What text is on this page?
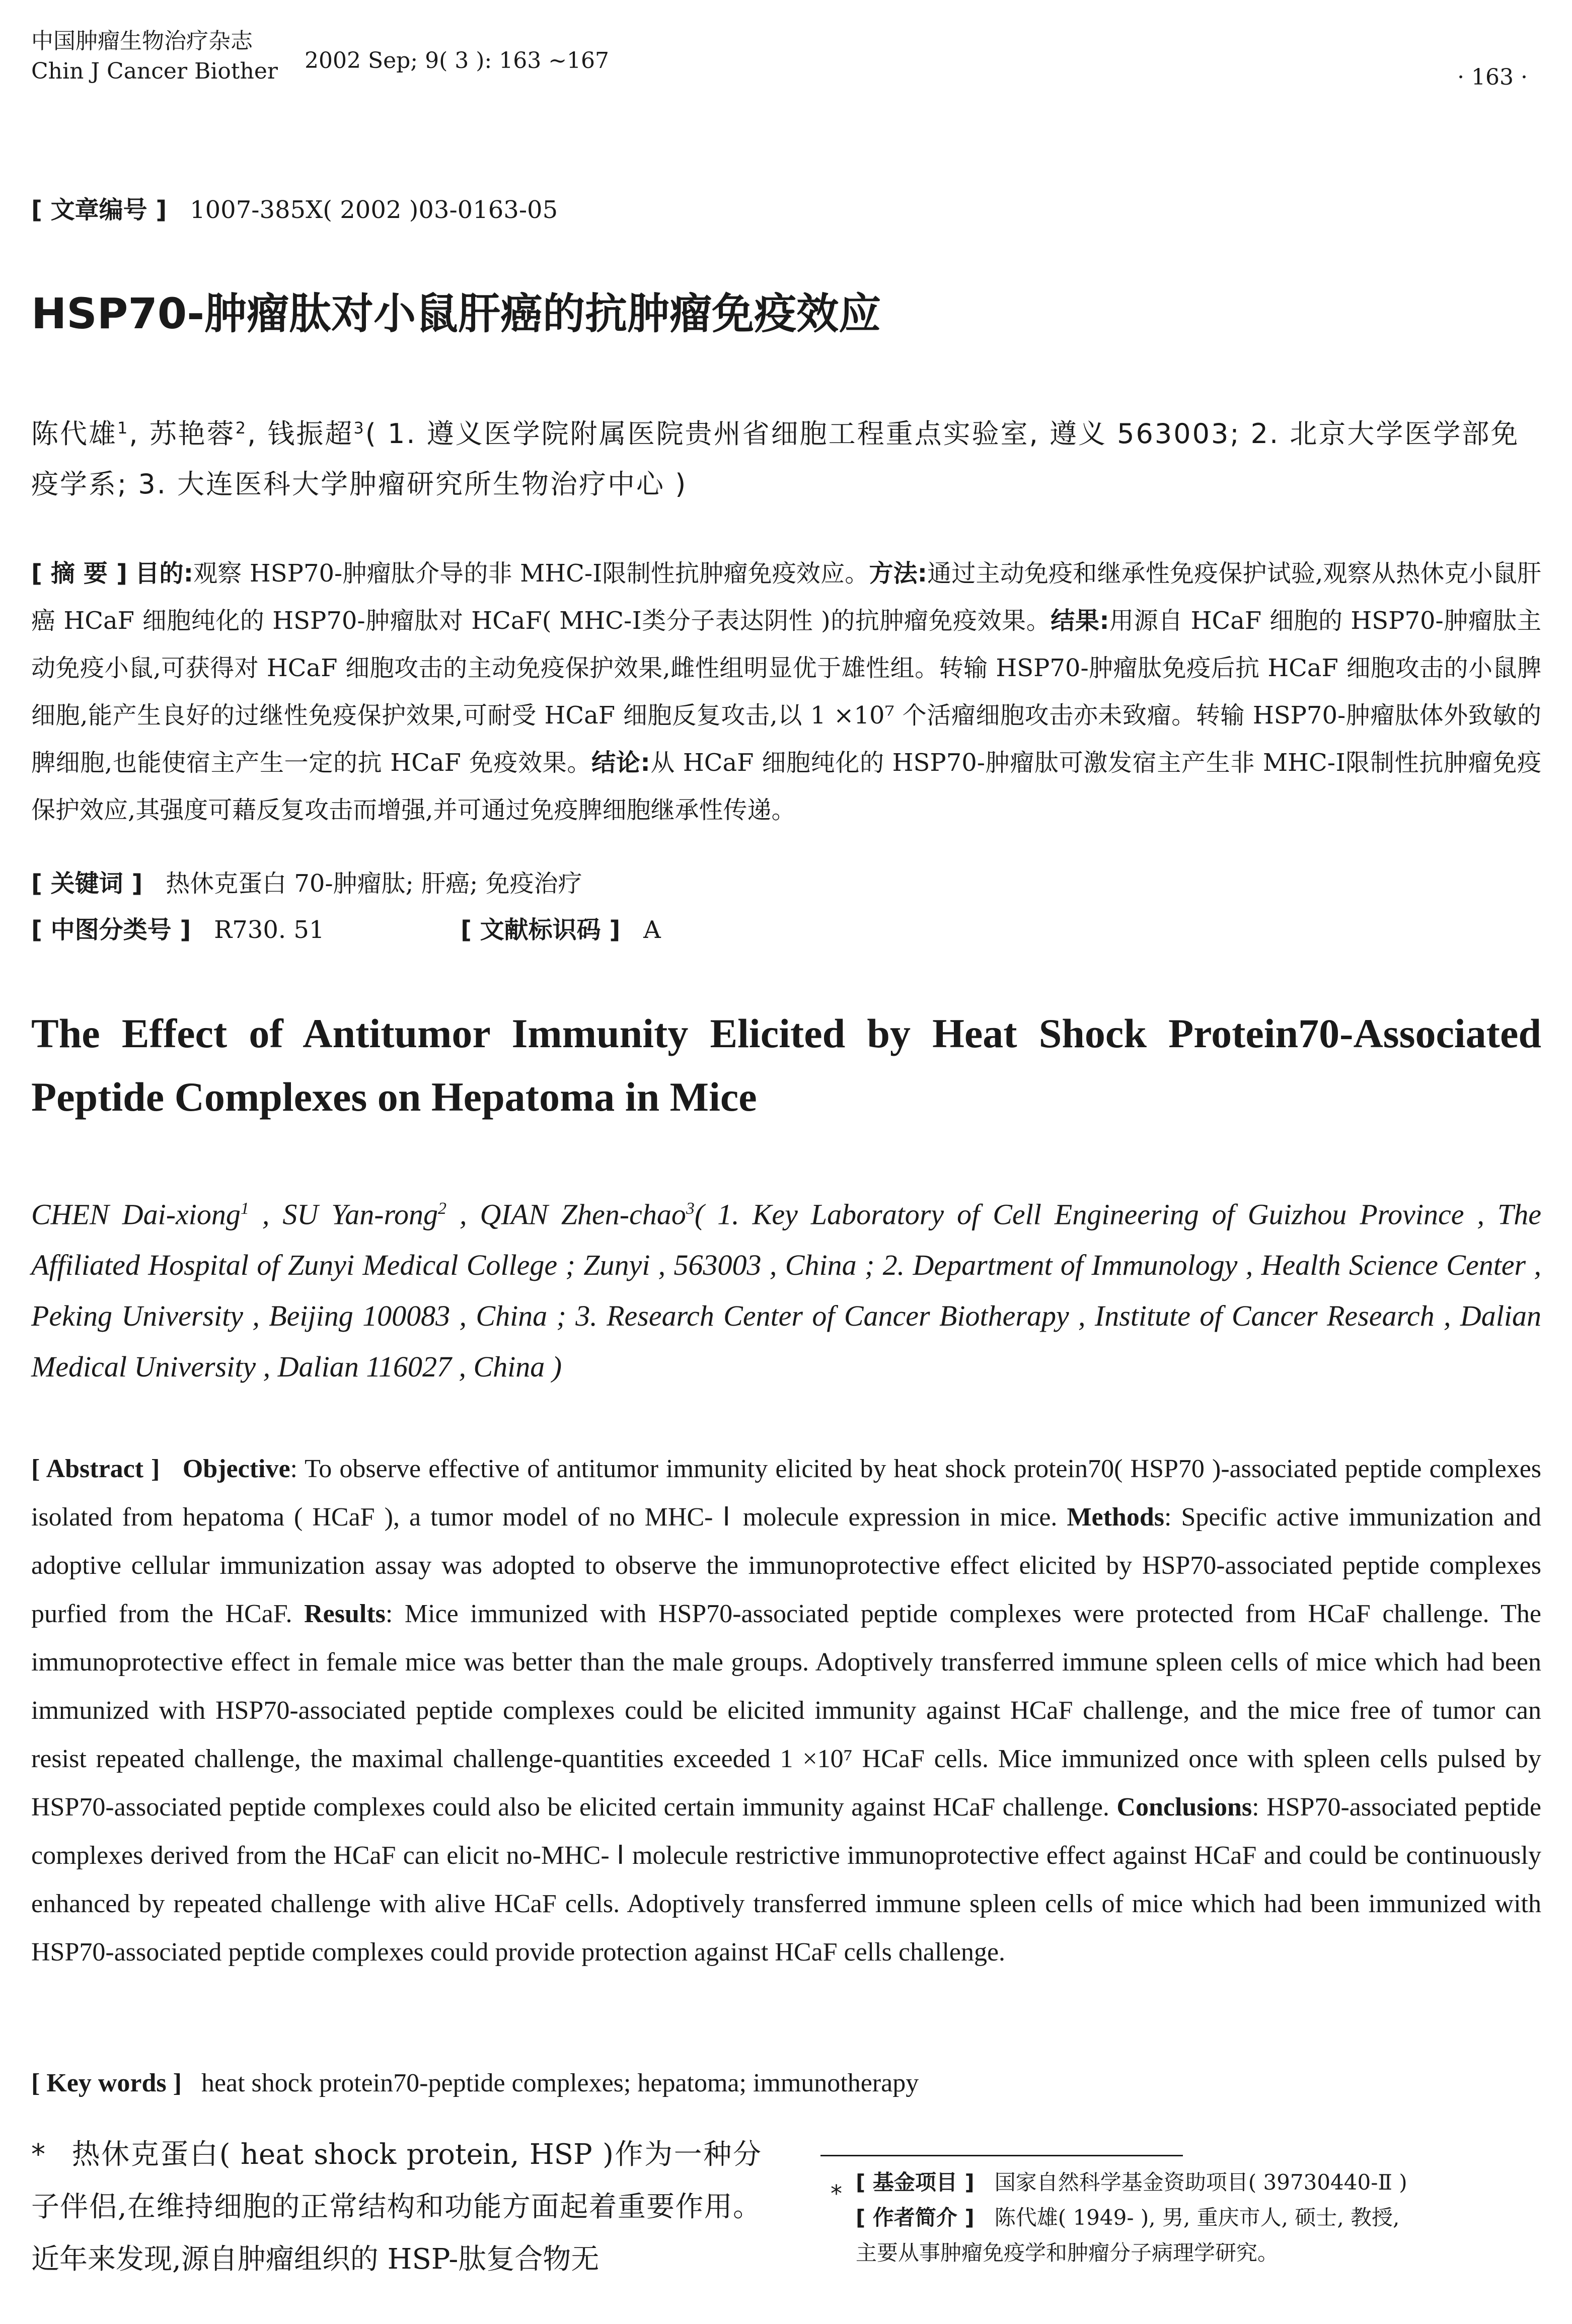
中国肿瘤生物治疗杂志
Chin J Cancer Biother 2002 Sep; 9( 3 ): 163 ~167
· 163 ·
[ 文章编号 ] 1007-385X( 2002 )03-0163-05
HSP70-肿瘤肽对小鼠肝癌的抗肿瘤免疫效应
陈代雄$^1$, 苏艳蓉$^2$, 钱振超$^3$( 1. 遵义医学院附属医院贵州省细胞工程重点实验室, 遵义 563003; 2. 北京大学医学部免疫学系; 3. 大连医科大学肿瘤研究所生物治疗中心 )
[ 摘 要 ] 目的:观察 HSP70-肿瘤肽介导的非 MHC-Ⅰ限制性抗肿瘤免疫效应。方法:通过主动免疫和继承性免疫保护试验,观察从热休克小鼠肝癌 HCaF 细胞纯化的 HSP70-肿瘤肽对 HCaF( MHC-Ⅰ类分子表达阴性 )的抗肿瘤免疫效果。结果:用源自 HCaF 细胞的 HSP70-肿瘤肽主动免疫小鼠,可获得对 HCaF 细胞攻击的主动免疫保护效果,雌性组明显优于雄性组。转输 HSP70-肿瘤肽免疫后抗 HCaF 细胞攻击的小鼠脾细胞,能产生良好的过继性免疫保护效果,可耐受 HCaF 细胞反复攻击,以 1 ×10⁷ 个活瘤细胞攻击亦未致瘤。转输 HSP70-肿瘤肽体外致敏的脾细胞,也能使宿主产生一定的抗 HCaF 免疫效果。结论:从 HCaF 细胞纯化的 HSP70-肿瘤肽可激发宿主产生非 MHC-Ⅰ限制性抗肿瘤免疫保护效应,其强度可藉反复攻击而增强,并可通过免疫脾细胞继承性传递。
[ 关键词 ] 热休克蛋白 70-肿瘤肽; 肝癌; 免疫治疗
[ 中图分类号 ] R730. 51	[ 文献标识码 ] A
The Effect of Antitumor Immunity Elicited by Heat Shock Protein70-Associated Peptide Complexes on Hepatoma in Mice
CHEN Dai-xiong$^1$ , SU Yan-rong$^2$ , QIAN Zhen-chao$^3$( 1. Key Laboratory of Cell Engineering of Guizhou Province , The Affiliated Hospital of Zunyi Medical College ; Zunyi , 563003 , China ; 2. Department of Immunology , Health Science Center , Peking University , Beijing 100083 , China ; 3. Research Center of Cancer Biotherapy , Institute of Cancer Research , Dalian Medical University , Dalian 116027 , China )
[ Abstract ] Objective: To observe effective of antitumor immunity elicited by heat shock protein70( HSP70 )-associated peptide complexes isolated from hepatoma ( HCaF ), a tumor model of no MHC- Ⅰ molecule expression in mice. Methods: Specific active immunization and adoptive cellular immunization assay was adopted to observe the immunoprotective effect elicited by HSP70-associated peptide complexes purfied from the HCaF. Results: Mice immunized with HSP70-associated peptide complexes were protected from HCaF challenge. The immunoprotective effect in female mice was better than the male groups. Adoptively transferred immune spleen cells of mice which had been immunized with HSP70-associated peptide complexes could be elicited immunity against HCaF challenge, and the mice free of tumor can resist repeated challenge, the maximal challenge-quantities exceeded 1 ×10⁷ HCaF cells. Mice immunized once with spleen cells pulsed by HSP70-associated peptide complexes could also be elicited certain immunity against HCaF challenge. Conclusions: HSP70-associated peptide complexes derived from the HCaF can elicit no-MHC- Ⅰ molecule restrictive immunoprotective effect against HCaF and could be continuously enhanced by repeated challenge with alive HCaF cells. Adoptively transferred immune spleen cells of mice which had been immunized with HSP70-associated peptide complexes could provide protection against HCaF cells challenge.
[ Key words ] heat shock protein70-peptide complexes; hepatoma; immunotherapy
* 热休克蛋白( heat shock protein, HSP )作为一种分子伴侣,在维持细胞的正常结构和功能方面起着重要作用。近年来发现,源自肿瘤组织的 HSP-肽复合物无
* [ 基金项目 ] 国家自然科学基金资助项目( 39730440-Ⅱ )
[ 作者简介 ] 陈代雄( 1949- ), 男, 重庆市人, 硕士, 教授,
主要从事肿瘤免疫学和肿瘤分子病理学研究。
